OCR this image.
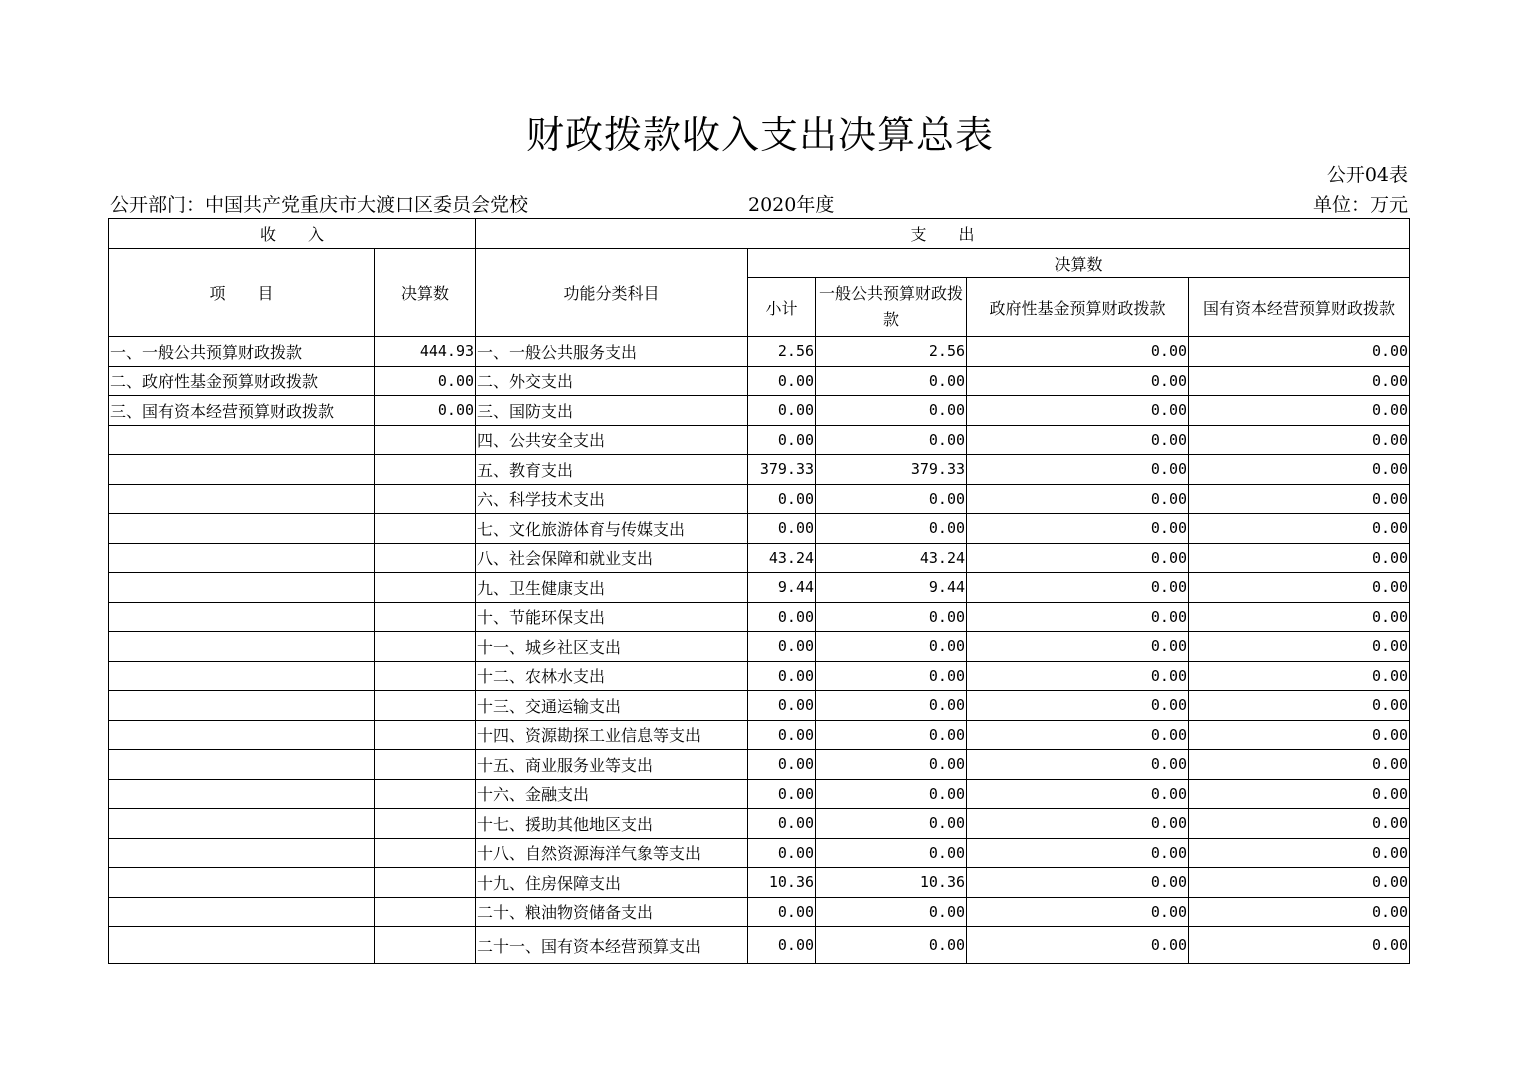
财政拨款收入支出决算总表
公开04表
公开部门：中国共产党重庆市大渡口区委员会党校	2020年度	单位：万元
收　　入		支　　出				
项　　目	决算数	功能分类科目	决算数			
			小计	一般公共预算财政拨款	政府性基金预算财政拨款	国有资本经营预算财政拨款

一、一般公共预算财政拨款	444.93	一、一般公共服务支出	2.56	2.56	0.00	0.00
二、政府性基金预算财政拨款	0.00	二、外交支出	0.00	0.00	0.00	0.00
三、国有资本经营预算财政拨款	0.00	三、国防支出	0.00	0.00	0.00	0.00
		四、公共安全支出	0.00	0.00	0.00	0.00
		五、教育支出	379.33	379.33	0.00	0.00
		六、科学技术支出	0.00	0.00	0.00	0.00
		七、文化旅游体育与传媒支出	0.00	0.00	0.00	0.00
		八、社会保障和就业支出	43.24	43.24	0.00	0.00
		九、卫生健康支出	9.44	9.44	0.00	0.00
		十、节能环保支出	0.00	0.00	0.00	0.00
		十一、城乡社区支出	0.00	0.00	0.00	0.00
		十二、农林水支出	0.00	0.00	0.00	0.00
		十三、交通运输支出	0.00	0.00	0.00	0.00
		十四、资源勘探工业信息等支出	0.00	0.00	0.00	0.00
		十五、商业服务业等支出	0.00	0.00	0.00	0.00
		十六、金融支出	0.00	0.00	0.00	0.00
		十七、援助其他地区支出	0.00	0.00	0.00	0.00
		十八、自然资源海洋气象等支出	0.00	0.00	0.00	0.00
		十九、住房保障支出	10.36	10.36	0.00	0.00
		二十、粮油物资储备支出	0.00	0.00	0.00	0.00
		二十一、国有资本经营预算支出	0.00	0.00	0.00	0.00
